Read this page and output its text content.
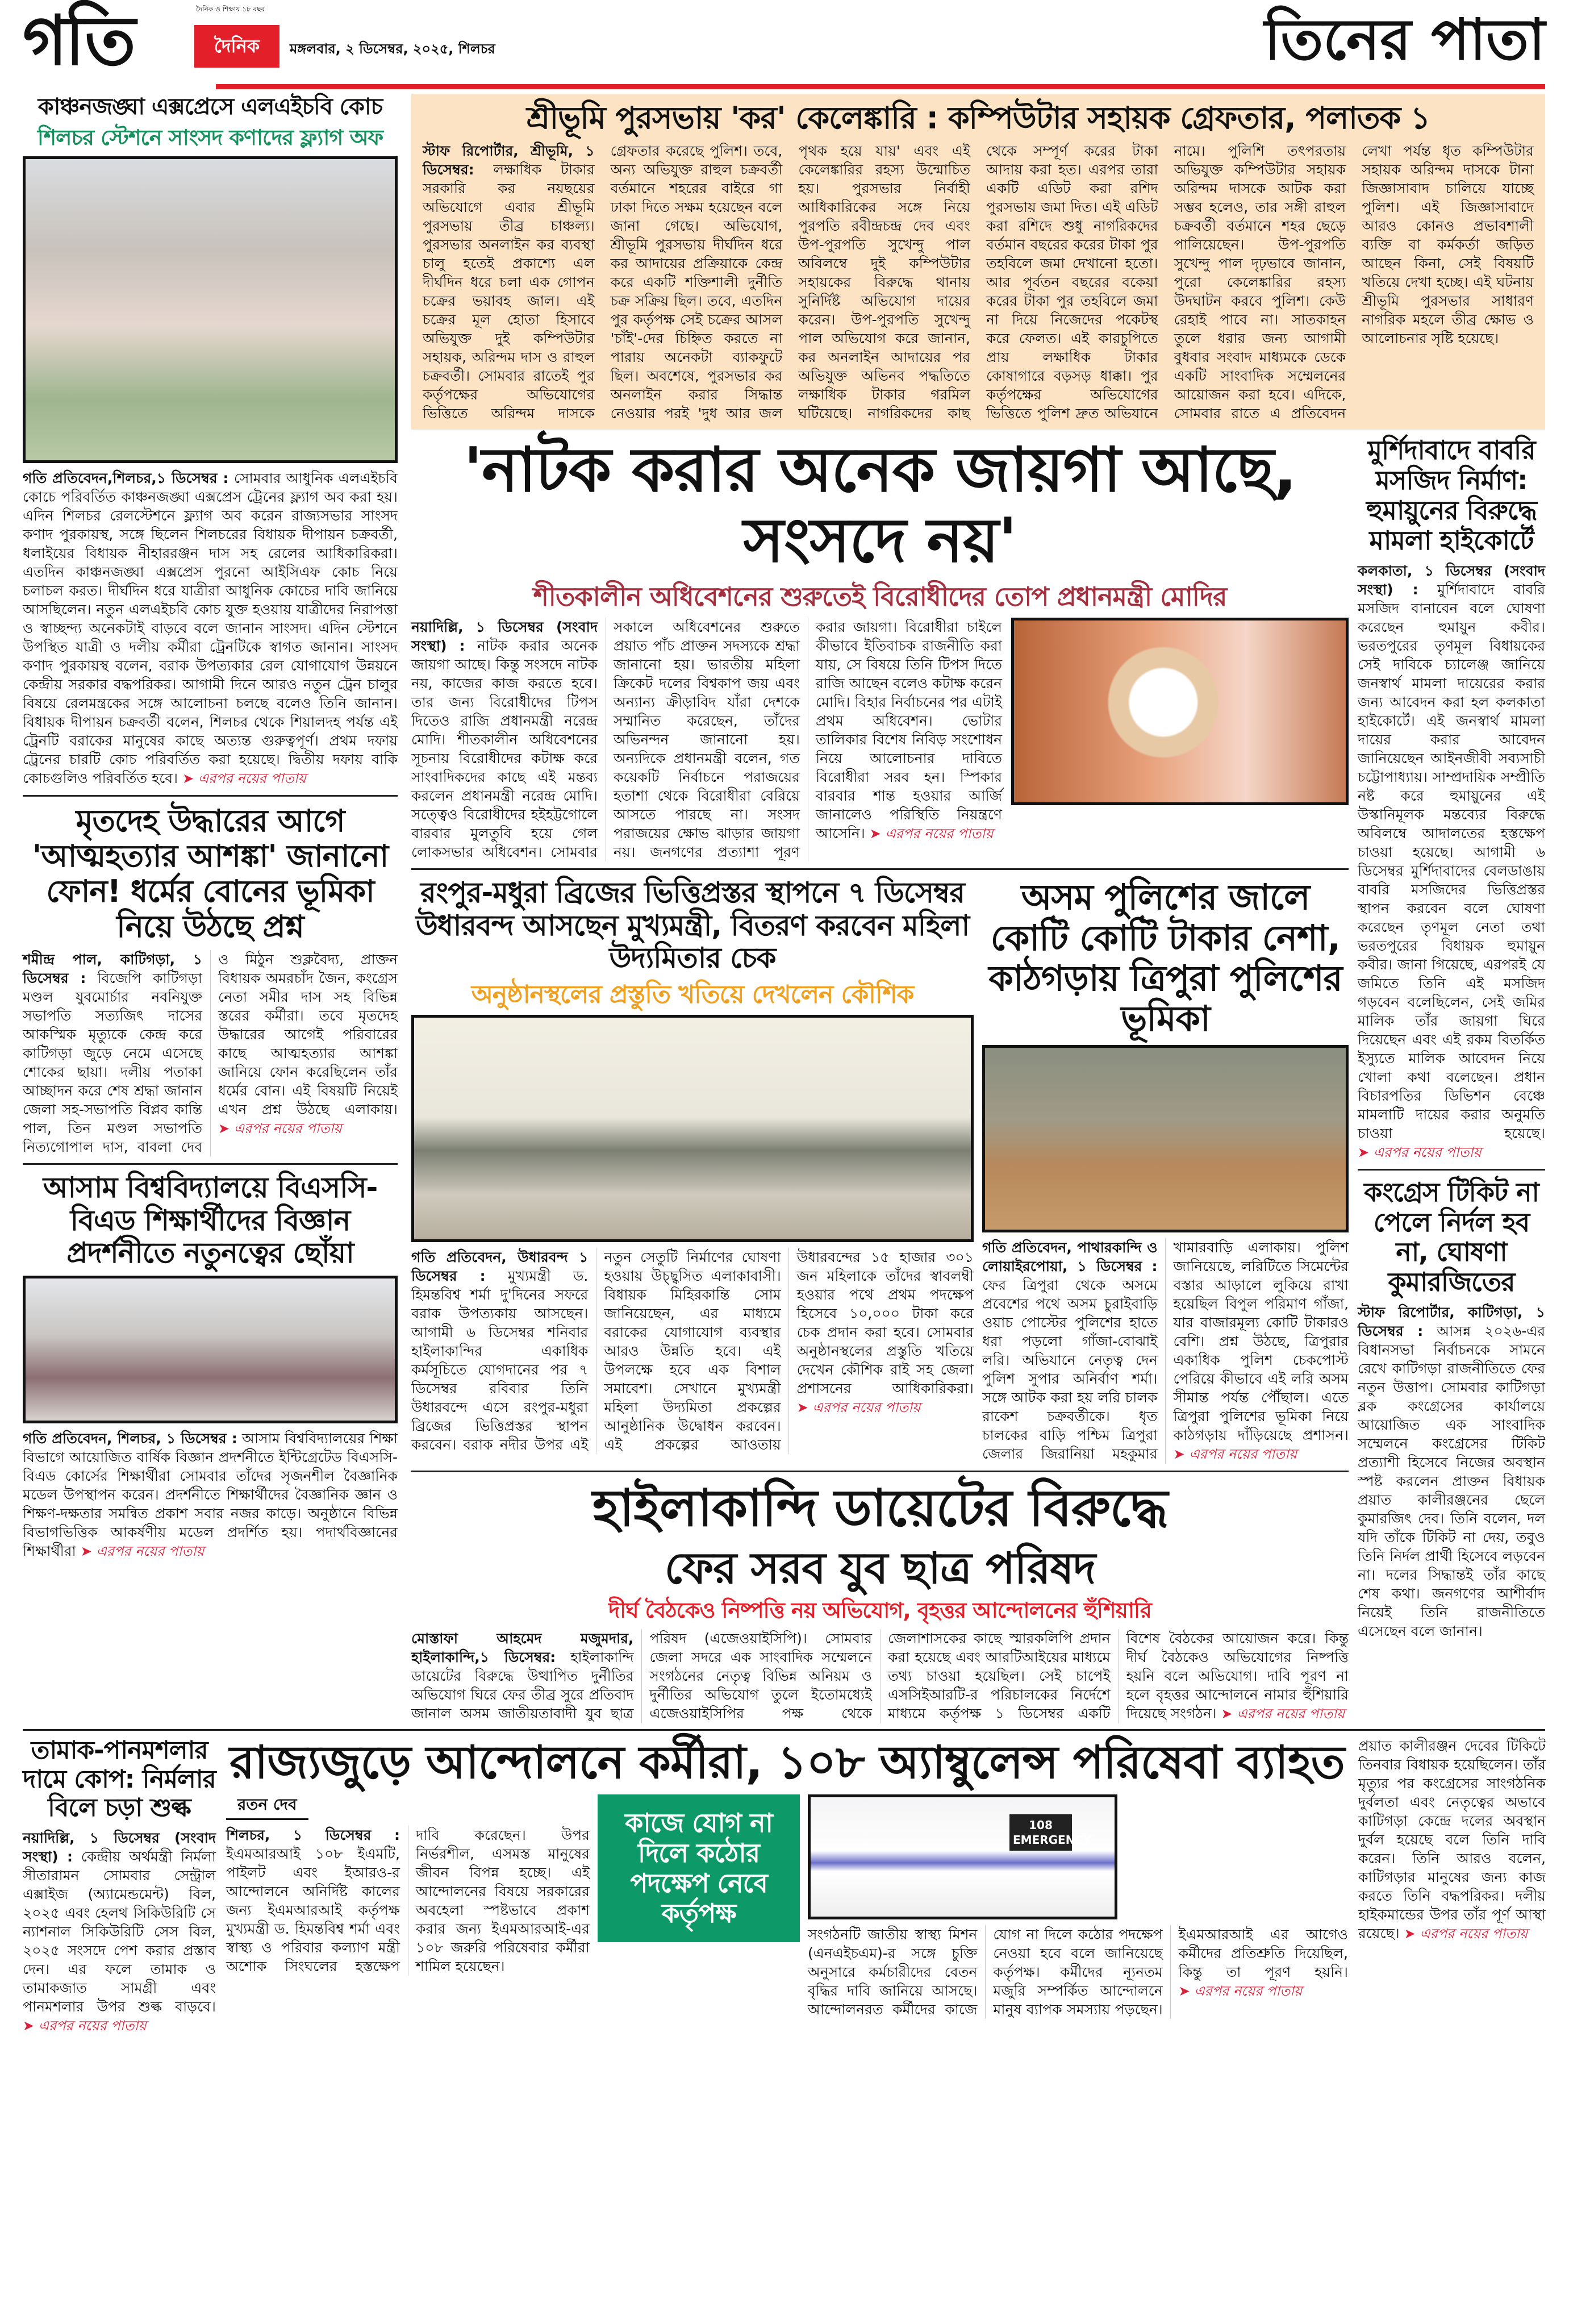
গতি	দৈনিক ও শিক্ষায় ১৮ বছর
দৈনিক	মঙ্গলবার, ২ ডিসেম্বর, ২০২৫, শিলচর	তিনের পাতা
কাঞ্চনজঙ্ঘা এক্সপ্রেসে এলএইচবি কোচ
শিলচর স্টেশনে সাংসদ কণাদের ফ্ল্যাগ অফ
গতি প্রতিবেদন,শিলচর,১ ডিসেম্বর : সোমবার আধুনিক এলএইচবি কোচে পরিবর্তিত কাঞ্চনজঙ্ঘা এক্সপ্রেস ট্রেনের ফ্ল্যাগ অব করা হয়। এদিন শিলচর রেলস্টেশনে ফ্ল্যাগ অব করেন রাজ্যসভার সাংসদ কণাদ পুরকায়স্থ, সঙ্গে ছিলেন শিলচরের বিধায়ক দীপায়ন চক্রবর্তী, ধলাইয়ের বিধায়ক নীহাররঞ্জন দাস সহ রেলের আধিকারিকরা। এতদিন কাঞ্চনজঙ্ঘা এক্সপ্রেস পুরনো আইসিএফ কোচ নিয়ে চলাচল করত। দীর্ঘদিন ধরে যাত্রীরা আধুনিক কোচের দাবি জানিয়ে আসছিলেন। নতুন এলএইচবি কোচ যুক্ত হওয়ায় যাত্রীদের নিরাপত্তা ও স্বাচ্ছন্দ্য অনেকটাই বাড়বে বলে জানান সাংসদ। এদিন স্টেশনে উপস্থিত যাত্রী ও দলীয় কর্মীরা ট্রেনটিকে স্বাগত জানান। সাংসদ কণাদ পুরকায়স্থ বলেন, বরাক উপত্যকার রেল যোগাযোগ উন্নয়নে কেন্দ্রীয় সরকার বদ্ধপরিকর। আগামী দিনে আরও নতুন ট্রেন চালুর বিষয়ে রেলমন্ত্রকের সঙ্গে আলোচনা চলছে বলেও তিনি জানান। বিধায়ক দীপায়ন চক্রবর্তী বলেন, শিলচর থেকে শিয়ালদহ পর্যন্ত এই ট্রেনটি বরাকের মানুষের কাছে অত্যন্ত গুরুত্বপূর্ণ। প্রথম দফায় ট্রেনের চারটি কোচ পরিবর্তিত করা হয়েছে। দ্বিতীয় দফায় বাকি কোচগুলিও পরিবর্তিত হবে। ➤ এরপর নয়ের পাতায়
মৃতদেহ উদ্ধারের আগে 'আত্মহত্যার আশঙ্কা' জানানো ফোন! ধর্মের বোনের ভূমিকা নিয়ে উঠছে প্রশ্ন
শমীন্দ্র পাল, কাটিগড়া, ১ ডিসেম্বর : বিজেপি কাটিগড়া মণ্ডল যুবমোর্চার নবনিযুক্ত সভাপতি সত্যজিৎ দাসের আকস্মিক মৃত্যুকে কেন্দ্র করে কাটিগড়া জুড়ে নেমে এসেছে শোকের ছায়া। দলীয় পতাকা আচ্ছাদন করে শেষ শ্রদ্ধা জানান জেলা সহ-সভাপতি বিপ্লব কান্তি পাল, তিন মণ্ডল সভাপতি নিত্যগোপাল দাস, বাবলা দেব ও মিঠুন শুক্লবৈদ্য, প্রাক্তন বিধায়ক অমরচাঁদ জৈন, কংগ্রেস নেতা সমীর দাস সহ বিভিন্ন স্তরের কর্মীরা। তবে মৃতদেহ উদ্ধারের আগেই পরিবারের কাছে আত্মহত্যার আশঙ্কা জানিয়ে ফোন করেছিলেন তাঁর ধর্মের বোন। এই বিষয়টি নিয়েই এখন প্রশ্ন উঠছে এলাকায়। ➤ এরপর নয়ের পাতায়
আসাম বিশ্ববিদ্যালয়ে বিএসসি-বিএড শিক্ষার্থীদের বিজ্ঞান প্রদর্শনীতে নতুনত্বের ছোঁয়া
গতি প্রতিবেদন, শিলচর, ১ ডিসেম্বর : আসাম বিশ্ববিদ্যালয়ের শিক্ষা বিভাগে আয়োজিত বার্ষিক বিজ্ঞান প্রদর্শনীতে ইন্টিগ্রেটেড বিএসসি-বিএড কোর্সের শিক্ষার্থীরা সোমবার তাঁদের সৃজনশীল বৈজ্ঞানিক মডেল উপস্থাপন করেন। প্রদর্শনীতে শিক্ষার্থীদের বৈজ্ঞানিক জ্ঞান ও শিক্ষণ-দক্ষতার সমন্বিত প্রকাশ সবার নজর কাড়ে। অনুষ্ঠানে বিভিন্ন বিভাগভিত্তিক আকর্ষণীয় মডেল প্রদর্শিত হয়। পদার্থবিজ্ঞানের শিক্ষার্থীরা ➤ এরপর নয়ের পাতায়
শ্রীভূমি পুরসভায় 'কর' কেলেঙ্কারি : কম্পিউটার সহায়ক গ্রেফতার, পলাতক ১
স্টাফ রিপোর্টার, শ্রীভূমি, ১ ডিসেম্বর: লক্ষাধিক টাকার সরকারি কর নয়ছয়ের অভিযোগে এবার শ্রীভূমি পুরসভায় তীব্র চাঞ্চল্য। পুরসভার অনলাইন কর ব্যবস্থা চালু হতেই প্রকাশ্যে এল দীর্ঘদিন ধরে চলা এক গোপন চক্রের ভয়াবহ জাল। এই চক্রের মূল হোতা হিসাবে অভিযুক্ত দুই কম্পিউটার সহায়ক, অরিন্দম দাস ও রাহুল চক্রবর্তী। সোমবার রাতেই পুর কর্তৃপক্ষের অভিযোগের ভিত্তিতে অরিন্দম দাসকে গ্রেফতার করেছে পুলিশ। তবে, অন্য অভিযুক্ত রাহুল চক্রবর্তী বর্তমানে শহরের বাইরে গা ঢাকা দিতে সক্ষম হয়েছেন বলে জানা গেছে। অভিযোগ, শ্রীভূমি পুরসভায় দীর্ঘদিন ধরে কর আদায়ের প্রক্রিয়াকে কেন্দ্র করে একটি শক্তিশালী দুর্নীতি চক্র সক্রিয় ছিল। তবে, এতদিন পুর কর্তৃপক্ষ সেই চক্রের আসল 'চাঁই'-দের চিহ্নিত করতে না পারায় অনেকটা ব্যাকফুটে ছিল। অবশেষে, পুরসভার কর অনলাইন করার সিদ্ধান্ত নেওয়ার পরই 'দুধ আর জল পৃথক হয়ে যায়' এবং এই কেলেঙ্কারির রহস্য উন্মোচিত হয়। পুরসভার নির্বাহী আধিকারিকের সঙ্গে নিয়ে পুরপতি রবীন্দ্রচন্দ্র দেব এবং উপ-পুরপতি সুখেন্দু পাল অবিলম্বে দুই কম্পিউটার সহায়কের বিরুদ্ধে থানায় সুনির্দিষ্ট অভিযোগ দায়ের করেন। উপ-পুরপতি সুখেন্দু পাল অভিযোগ করে জানান, কর অনলাইন আদায়ের পর অভিযুক্ত অভিনব পদ্ধতিতে লক্ষাধিক টাকার গরমিল ঘটিয়েছে। নাগরিকদের কাছ থেকে সম্পূর্ণ করের টাকা আদায় করা হত। এরপর তারা একটি এডিট করা রশিদ পুরসভায় জমা দিত। এই এডিট করা রশিদে শুধু নাগরিকদের বর্তমান বছরের করের টাকা পুর তহবিলে জমা দেখানো হতো। আর পূর্বতন বছরের বকেয়া করের টাকা পুর তহবিলে জমা না দিয়ে নিজেদের পকেটস্থ করে ফেলত। এই কারচুপিতে প্রায় লক্ষাধিক টাকার কোষাগারে বড়সড় ধাক্কা। পুর কর্তৃপক্ষের অভিযোগের ভিত্তিতে পুলিশ দ্রুত অভিযানে নামে। পুলিশি তৎপরতায় অভিযুক্ত কম্পিউটার সহায়ক অরিন্দম দাসকে আটক করা সম্ভব হলেও, তার সঙ্গী রাহুল চক্রবর্তী বর্তমানে শহর ছেড়ে পালিয়েছেন। উপ-পুরপতি সুখেন্দু পাল দৃঢ়ভাবে জানান, পুরো কেলেঙ্কারির রহস্য উদঘাটন করবে পুলিশ। কেউ রেহাই পাবে না। সাতকাহন তুলে ধরার জন্য আগামী বুধবার সংবাদ মাধ্যমকে ডেকে একটি সাংবাদিক সম্মেলনের আয়োজন করা হবে। এদিকে, সোমবার রাতে এ প্রতিবেদন লেখা পর্যন্ত ধৃত কম্পিউটার সহায়ক অরিন্দম দাসকে টানা জিজ্ঞাসাবাদ চালিয়ে যাচ্ছে পুলিশ। এই জিজ্ঞাসাবাদে আরও কোনও প্রভাবশালী ব্যক্তি বা কর্মকর্তা জড়িত আছেন কিনা, সেই বিষয়টি খতিয়ে দেখা হচ্ছে। এই ঘটনায় শ্রীভূমি পুরসভার সাধারণ নাগরিক মহলে তীব্র ক্ষোভ ও আলোচনার সৃষ্টি হয়েছে।
'নাটক করার অনেক জায়গা আছে, সংসদে নয়'
শীতকালীন অধিবেশনের শুরুতেই বিরোধীদের তোপ প্রধানমন্ত্রী মোদির
নয়াদিল্লি, ১ ডিসেম্বর (সংবাদ সংস্থা) : নাটক করার অনেক জায়গা আছে। কিন্তু সংসদে নাটক নয়, কাজের কাজ করতে হবে। তার জন্য বিরোধীদের টিপস দিতেও রাজি প্রধানমন্ত্রী নরেন্দ্র মোদি। শীতকালীন অধিবেশনের সূচনায় বিরোধীদের কটাক্ষ করে সাংবাদিকদের কাছে এই মন্তব্য করলেন প্রধানমন্ত্রী নরেন্দ্র মোদি। সত্ত্বেও বিরোধীদের হইহট্টগোলে বারবার মুলতুবি হয়ে গেল লোকসভার অধিবেশন। সোমবার সকালে অধিবেশনের শুরুতে প্রয়াত পাঁচ প্রাক্তন সদস্যকে শ্রদ্ধা জানানো হয়। ভারতীয় মহিলা ক্রিকেট দলের বিশ্বকাপ জয় এবং অন্যান্য ক্রীড়াবিদ যাঁরা দেশকে সম্মানিত করেছেন, তাঁদের অভিনন্দন জানানো হয়। অন্যদিকে প্রধানমন্ত্রী বলেন, গত কয়েকটি নির্বাচনে পরাজয়ের হতাশা থেকে বিরোধীরা বেরিয়ে আসতে পারছে না। সংসদ পরাজয়ের ক্ষোভ ঝাড়ার জায়গা নয়। জনগণের প্রত্যাশা পূরণ করার জায়গা। বিরোধীরা চাইলে কীভাবে ইতিবাচক রাজনীতি করা যায়, সে বিষয়ে তিনি টিপস দিতে রাজি আছেন বলেও কটাক্ষ করেন মোদি। বিহার নির্বাচনের পর এটাই প্রথম অধিবেশন। ভোটার তালিকার বিশেষ নিবিড় সংশোধন নিয়ে আলোচনার দাবিতে বিরোধীরা সরব হন। স্পিকার বারবার শান্ত হওয়ার আর্জি জানালেও পরিস্থিতি নিয়ন্ত্রণে আসেনি। ➤ এরপর নয়ের পাতায়
রংপুর-মধুরা ব্রিজের ভিত্তিপ্রস্তর স্থাপনে ৭ ডিসেম্বর উধারবন্দ আসছেন মুখ্যমন্ত্রী, বিতরণ করবেন মহিলা উদ্যমিতার চেক
অনুষ্ঠানস্থলের প্রস্তুতি খতিয়ে দেখলেন কৌশিক
গতি প্রতিবেদন, উধারবন্দ ১ ডিসেম্বর : মুখ্যমন্ত্রী ড. হিমন্তবিশ্ব শর্মা দু'দিনের সফরে বরাক উপত্যকায় আসছেন। আগামী ৬ ডিসেম্বর শনিবার হাইলাকান্দির একাধিক কর্মসূচিতে যোগদানের পর ৭ ডিসেম্বর রবিবার তিনি উধারবন্দে এসে রংপুর-মধুরা ব্রিজের ভিত্তিপ্রস্তর স্থাপন করবেন। বরাক নদীর উপর এই নতুন সেতুটি নির্মাণের ঘোষণা হওয়ায় উচ্ছ্বসিত এলাকাবাসী। বিধায়ক মিহিরকান্তি সোম জানিয়েছেন, এর মাধ্যমে বরাকের যোগাযোগ ব্যবস্থার আরও উন্নতি হবে। এই উপলক্ষে হবে এক বিশাল সমাবেশ। সেখানে মুখ্যমন্ত্রী মহিলা উদ্যমিতা প্রকল্পের আনুষ্ঠানিক উদ্বোধন করবেন। এই প্রকল্পের আওতায় উধারবন্দের ১৫ হাজার ৩০১ জন মহিলাকে তাঁদের স্বাবলম্বী হওয়ার পথে প্রথম পদক্ষেপ হিসেবে ১০,০০০ টাকা করে চেক প্রদান করা হবে। সোমবার অনুষ্ঠানস্থলের প্রস্তুতি খতিয়ে দেখেন কৌশিক রাই সহ জেলা প্রশাসনের আধিকারিকরা। ➤ এরপর নয়ের পাতায়
অসম পুলিশের জালে কোটি কোটি টাকার নেশা, কাঠগড়ায় ত্রিপুরা পুলিশের ভূমিকা
গতি প্রতিবেদন, পাথারকান্দি ও লোয়াইরপোয়া, ১ ডিসেম্বর : ফের ত্রিপুরা থেকে অসমে প্রবেশের পথে অসম চুরাইবাড়ি ওয়াচ পোস্টের পুলিশের হাতে ধরা পড়লো গাঁজা-বোঝাই লরি। অভিযানে নেতৃত্ব দেন পুলিশ সুপার অনির্বাণ শর্মা। সঙ্গে আটক করা হয় লরি চালক রাকেশ চক্রবর্তীকে। ধৃত চালকের বাড়ি পশ্চিম ত্রিপুরা জেলার জিরানিয়া মহকুমার খামারবাড়ি এলাকায়। পুলিশ জানিয়েছে, লরিটিতে সিমেন্টের বস্তার আড়ালে লুকিয়ে রাখা হয়েছিল বিপুল পরিমাণ গাঁজা, যার বাজারমূল্য কোটি টাকারও বেশি। প্রশ্ন উঠছে, ত্রিপুরার একাধিক পুলিশ চেকপোস্ট পেরিয়ে কীভাবে এই লরি অসম সীমান্ত পর্যন্ত পৌঁছাল। এতে ত্রিপুরা পুলিশের ভূমিকা নিয়ে কাঠগড়ায় দাঁড়িয়েছে প্রশাসন। ➤ এরপর নয়ের পাতায়
হাইলাকান্দি ডায়েটের বিরুদ্ধে
ফের সরব যুব ছাত্র পরিষদ
দীর্ঘ বৈঠকেও নিষ্পত্তি নয় অভিযোগ, বৃহত্তর আন্দোলনের হুঁশিয়ারি
মোস্তাফা আহমেদ মজুমদার, হাইলাকান্দি,১ ডিসেম্বর: হাইলাকান্দি ডায়েটের বিরুদ্ধে উত্থাপিত দুর্নীতির অভিযোগ ঘিরে ফের তীব্র সুরে প্রতিবাদ জানাল অসম জাতীয়তাবাদী যুব ছাত্র পরিষদ (এজেওয়াইসিপি)। সোমবার জেলা সদরে এক সাংবাদিক সম্মেলনে সংগঠনের নেতৃত্ব বিভিন্ন অনিয়ম ও দুর্নীতির অভিযোগ তুলে ইতোমধ্যেই এজেওয়াইসিপির পক্ষ থেকে জেলাশাসকের কাছে স্মারকলিপি প্রদান করা হয়েছে এবং আরটিআইয়ের মাধ্যমে তথ্য চাওয়া হয়েছিল। সেই চাপেই এসসিইআরটি-র পরিচালকের নির্দেশে মাধ্যমে কর্তৃপক্ষ ১ ডিসেম্বর একটি বিশেষ বৈঠকের আয়োজন করে। কিন্তু দীর্ঘ বৈঠকেও অভিযোগের নিষ্পত্তি হয়নি বলে অভিযোগ। দাবি পূরণ না হলে বৃহত্তর আন্দোলনে নামার হুঁশিয়ারি দিয়েছে সংগঠন। ➤ এরপর নয়ের পাতায়
মুর্শিদাবাদে বাবরি মসজিদ নির্মাণ: হুমায়ুনের বিরুদ্ধে মামলা হাইকোর্টে
কলকাতা, ১ ডিসেম্বর (সংবাদ সংস্থা) : মুর্শিদাবাদে বাবরি মসজিদ বানাবেন বলে ঘোষণা করেছেন হুমায়ুন কবীর। ভরতপুরের তৃণমূল বিধায়কের সেই দাবিকে চ্যালেঞ্জ জানিয়ে জনস্বার্থ মামলা দায়েরের করার জন্য আবেদন করা হল কলকাতা হাইকোর্টে। এই জনস্বার্থ মামলা দায়ের করার আবেদন জানিয়েছেন আইনজীবী সব্যসাচী চট্টোপাধ্যায়। সাম্প্রদায়িক সম্প্রীতি নষ্ট করে হুমায়ুনের এই উস্কানিমূলক মন্তব্যের বিরুদ্ধে অবিলম্বে আদালতের হস্তক্ষেপ চাওয়া হয়েছে। আগামী ৬ ডিসেম্বর মুর্শিদাবাদের বেলডাঙায় বাবরি মসজিদের ভিত্তিপ্রস্তর স্থাপন করবেন বলে ঘোষণা করেছেন তৃণমূল নেতা তথা ভরতপুরের বিধায়ক হুমায়ুন কবীর। জানা গিয়েছে, এরপরই যে জমিতে তিনি এই মসজিদ গড়বেন বলেছিলেন, সেই জমির মালিক তাঁর জায়গা ঘিরে দিয়েছেন এবং এই রকম বিতর্কিত ইস্যুতে মালিক আবেদন নিয়ে খোলা কথা বলেছেন। প্রধান বিচারপতির ডিভিশন বেঞ্চে মামলাটি দায়ের করার অনুমতি চাওয়া হয়েছে। ➤ এরপর নয়ের পাতায়
কংগ্রেস টিকিট না পেলে নির্দল হব না, ঘোষণা কুমারজিতের
স্টাফ রিপোর্টার, কাটিগড়া, ১ ডিসেম্বর : আসন্ন ২০২৬-এর বিধানসভা নির্বাচনকে সামনে রেখে কাটিগড়া রাজনীতিতে ফের নতুন উত্তাপ। সোমবার কাটিগড়া ব্লক কংগ্রেসের কার্যালয়ে আয়োজিত এক সাংবাদিক সম্মেলনে কংগ্রেসের টিকিট প্রত্যাশী হিসেবে নিজের অবস্থান স্পষ্ট করলেন প্রাক্তন বিধায়ক প্রয়াত কালীরঞ্জনের ছেলে কুমারজিৎ দেব। তিনি বলেন, দল যদি তাঁকে টিকিট না দেয়, তবুও তিনি নির্দল প্রার্থী হিসেবে লড়বেন না। দলের সিদ্ধান্তই তাঁর কাছে শেষ কথা। জনগণের আশীর্বাদ নিয়েই তিনি রাজনীতিতে এসেছেন বলে জানান।
তামাক-পানমশলার দামে কোপ: নির্মলার বিলে চড়া শুল্ক
নয়াদিল্লি, ১ ডিসেম্বর (সংবাদ সংস্থা) : কেন্দ্রীয় অর্থমন্ত্রী নির্মলা সীতারামন সোমবার সেন্ট্রাল এক্সাইজ (অ্যামেন্ডমেন্ট) বিল, ২০২৫ এবং হেলথ সিকিউরিটি সে ন্যাশনাল সিকিউরিটি সেস বিল, ২০২৫ সংসদে পেশ করার প্রস্তাব দেন। এর ফলে তামাক ও তামাকজাত সামগ্রী এবং পানমশলার উপর শুল্ক বাড়বে। ➤ এরপর নয়ের পাতায়
রাজ্যজুড়ে আন্দোলনে কর্মীরা, ১০৮ অ্যাম্বুলেন্স পরিষেবা ব্যাহত
রতন দেব
শিলচর, ১ ডিসেম্বর : ইএমআরআই ১০৮ ইএমটি, পাইলট এবং ইআরও-র আন্দোলনে অনির্দিষ্ট কালের জন্য ইএমআরআই কর্তৃপক্ষ মুখ্যমন্ত্রী ড. হিমন্তবিশ্ব শর্মা এবং স্বাস্থ্য ও পরিবার কল্যাণ মন্ত্রী অশোক সিংঘলের হস্তক্ষেপ দাবি করেছেন। উপর নির্ভরশীল, এসমস্ত মানুষের জীবন বিপন্ন হচ্ছে। এই আন্দোলনের বিষয়ে সরকারের অবহেলা স্পষ্টভাবে প্রকাশ করার জন্য ইএমআরআই-এর ১০৮ জরুরি পরিষেবার কর্মীরা শামিল হয়েছেন।
কাজে যোগ না দিলে কঠোর পদক্ষেপ নেবে কর্তৃপক্ষ
108 EMERGENCY
সংগঠনটি জাতীয় স্বাস্থ্য মিশন (এনএইচএম)-র সঙ্গে চুক্তি অনুসারে কর্মচারীদের বেতন বৃদ্ধির দাবি জানিয়ে আসছে। আন্দোলনরত কর্মীদের কাজে যোগ না দিলে কঠোর পদক্ষেপ নেওয়া হবে বলে জানিয়েছে কর্তৃপক্ষ। কর্মীদের ন্যূনতম মজুরি সম্পর্কিত আন্দোলনে মানুষ ব্যাপক সমস্যায় পড়ছেন। ইএমআরআই এর আগেও কর্মীদের প্রতিশ্রুতি দিয়েছিল, কিন্তু তা পূরণ হয়নি। ➤ এরপর নয়ের পাতায়
প্রয়াত কালীরঞ্জন দেবের টিকিটে তিনবার বিধায়ক হয়েছিলেন। তাঁর মৃত্যুর পর কংগ্রেসের সাংগঠনিক দুর্বলতা এবং নেতৃত্বের অভাবে কাটিগড়া কেন্দ্রে দলের অবস্থান দুর্বল হয়েছে বলে তিনি দাবি করেন। তিনি আরও বলেন, কাটিগড়ার মানুষের জন্য কাজ করতে তিনি বদ্ধপরিকর। দলীয় হাইকমান্ডের উপর তাঁর পূর্ণ আস্থা রয়েছে। ➤ এরপর নয়ের পাতায়
